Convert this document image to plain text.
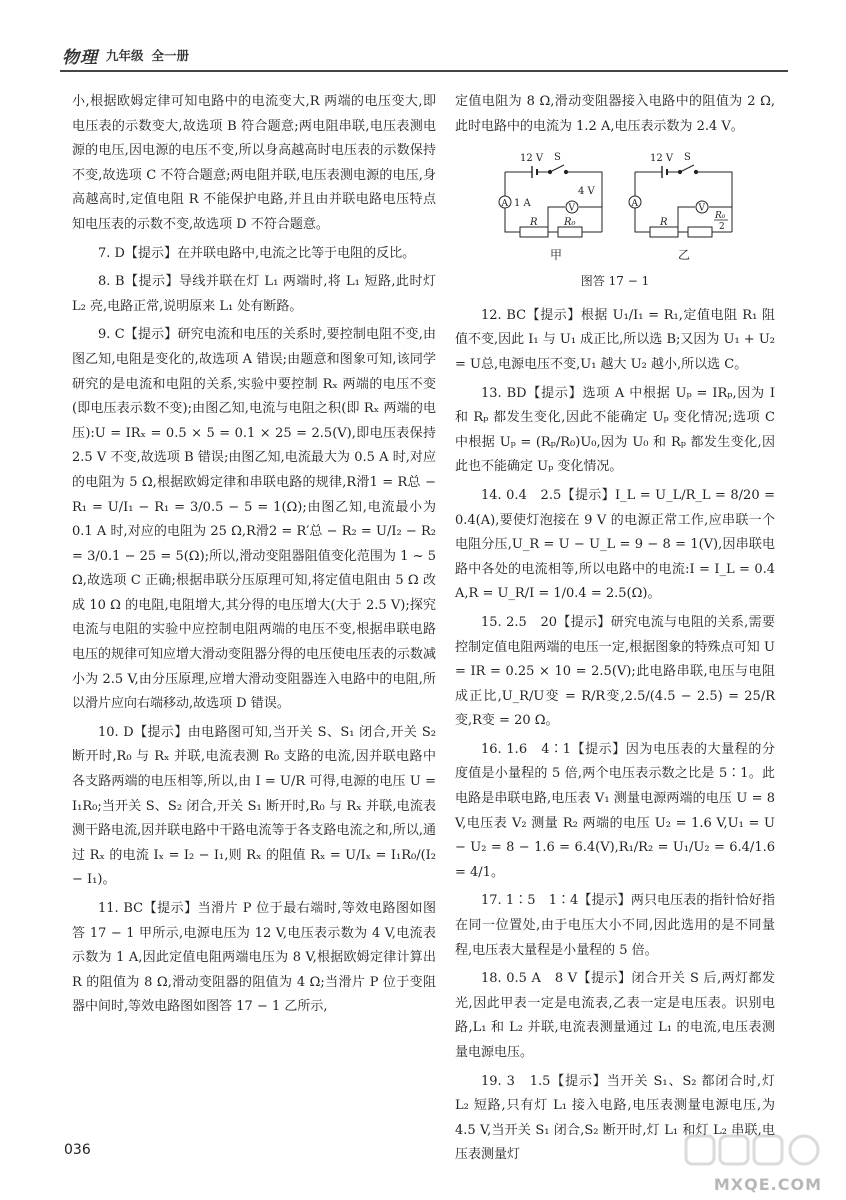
物理 九年级 全一册

小,根据欧姆定律可知电路中的电流变大,R 两端的电压变大,即电压表的示数变大,故选项 B 符合题意;两电阻串联,电压表测电源的电压,因电源的电压不变,所以身高越高时电压表的示数保持不变,故选项 C 不符合题意;两电阻并联,电压表测电源的电压,身高越高时,定值电阻 R 不能保护电路,并且由并联电路电压特点知电压表的示数不变,故选项 D 不符合题意。

7. D【提示】在并联电路中,电流之比等于电阻的反比。

8. B【提示】导线并联在灯 L₁ 两端时,将 L₁ 短路,此时灯 L₂ 亮,电路正常,说明原来 L₁ 处有断路。

9. C【提示】研究电流和电压的关系时,要控制电阻不变,由图乙知,电阻是变化的,故选项 A 错误;由题意和图象可知,该同学研究的是电流和电阻的关系,实验中要控制 Rₓ 两端的电压不变(即电压表示数不变);由图乙知,电流与电阻之积(即 Rₓ 两端的电压):U = IRₓ = 0.5 × 5 = 0.1 × 25 = 2.5(V),即电压表保持 2.5 V 不变,故选项 B 错误;由图乙知,电流最大为 0.5 A 时,对应的电阻为 5 Ω,根据欧姆定律和串联电路的规律,R滑1 = R总 − R₁ = U/I₁ − R₁ = 3/0.5 − 5 = 1(Ω);由图乙知,电流最小为 0.1 A 时,对应的电阻为 25 Ω,R滑2 = R′总 − R₂ = U/I₂ − R₂ = 3/0.1 − 25 = 5(Ω);所以,滑动变阻器阻值变化范围为 1 ~ 5 Ω,故选项 C 正确;根据串联分压原理可知,将定值电阻由 5 Ω 改成 10 Ω 的电阻,电阻增大,其分得的电压增大(大于 2.5 V);探究电流与电阻的实验中应控制电阻两端的电压不变,根据串联电路电压的规律可知应增大滑动变阻器分得的电压使电压表的示数减小为 2.5 V,由分压原理,应增大滑动变阻器连入电路中的电阻,所以滑片应向右端移动,故选项 D 错误。

10. D【提示】由电路图可知,当开关 S、S₁ 闭合,开关 S₂ 断开时,R₀ 与 Rₓ 并联,电流表测 R₀ 支路的电流,因并联电路中各支路两端的电压相等,所以,由 I = U/R 可得,电源的电压 U = I₁R₀;当开关 S、S₂ 闭合,开关 S₁ 断开时,R₀ 与 Rₓ 并联,电流表测干路电流,因并联电路中干路电流等于各支路电流之和,所以,通过 Rₓ 的电流 Iₓ = I₂ − I₁,则 Rₓ 的阻值 Rₓ = U/Iₓ = I₁R₀/(I₂ − I₁)。

11. BC【提示】当滑片 P 位于最右端时,等效电路图如图答 17 − 1 甲所示,电源电压为 12 V,电压表示数为 4 V,电流表示数为 1 A,因此定值电阻两端电压为 8 V,根据欧姆定律计算出 R 的阻值为 8 Ω,滑动变阻器的阻值为 4 Ω;当滑片 P 位于变阻器中间时,等效电路图如图答 17 − 1 乙所示,

定值电阻为 8 Ω,滑动变阻器接入电路中的阻值为 2 Ω,此时电路中的电流为 1.2 A,电压表示数为 2.4 V。

12 V S
A 1 A	V
4 V
R	R₀
甲
12 V S
A	V
R
R₀
2
乙
图答 17 − 1

12. BC【提示】根据 U₁/I₁ = R₁,定值电阻 R₁ 阻值不变,因此 I₁ 与 U₁ 成正比,所以选 B;又因为 U₁ + U₂ = U总,电源电压不变,U₁ 越大 U₂ 越小,所以选 C。

13. BD【提示】选项 A 中根据 Uₚ = IRₚ,因为 I 和 Rₚ 都发生变化,因此不能确定 Uₚ 变化情况;选项 C 中根据 Uₚ = (Rₚ/R₀)U₀,因为 U₀ 和 Rₚ 都发生变化,因此也不能确定 Uₚ 变化情况。

14. 0.4　2.5【提示】I_L = U_L/R_L = 8/20 = 0.4(A),要使灯泡接在 9 V 的电源正常工作,应串联一个电阻分压,U_R = U − U_L = 9 − 8 = 1(V),因串联电路中各处的电流相等,所以电路中的电流:I = I_L = 0.4 A,R = U_R/I = 1/0.4 = 2.5(Ω)。

15. 2.5　20【提示】研究电流与电阻的关系,需要控制定值电阻两端的电压一定,根据图象的特殊点可知 U = IR = 0.25 × 10 = 2.5(V);此电路串联,电压与电阻成正比,U_R/U变 = R/R变,2.5/(4.5 − 2.5) = 25/R变,R变 = 20 Ω。

16. 1.6　4∶1【提示】因为电压表的大量程的分度值是小量程的 5 倍,两个电压表示数之比是 5∶1。此电路是串联电路,电压表 V₁ 测量电源两端的电压 U = 8 V,电压表 V₂ 测量 R₂ 两端的电压 U₂ = 1.6 V,U₁ = U − U₂ = 8 − 1.6 = 6.4(V),R₁/R₂ = U₁/U₂ = 6.4/1.6 = 4/1。

17. 1∶5　1∶4【提示】两只电压表的指针恰好指在同一位置处,由于电压大小不同,因此选用的是不同量程,电压表大量程是小量程的 5 倍。

18. 0.5 A　8 V【提示】闭合开关 S 后,两灯都发光,因此甲表一定是电流表,乙表一定是电压表。识别电路,L₁ 和 L₂ 并联,电流表测量通过 L₁ 的电流,电压表测量电源电压。

19. 3　1.5【提示】当开关 S₁、S₂ 都闭合时,灯 L₂ 短路,只有灯 L₁ 接入电路,电压表测量电源电压,为 4.5 V,当开关 S₁ 闭合,S₂ 断开时,灯 L₁ 和灯 L₂ 串联,电压表测量灯

036
MXQE.COM
